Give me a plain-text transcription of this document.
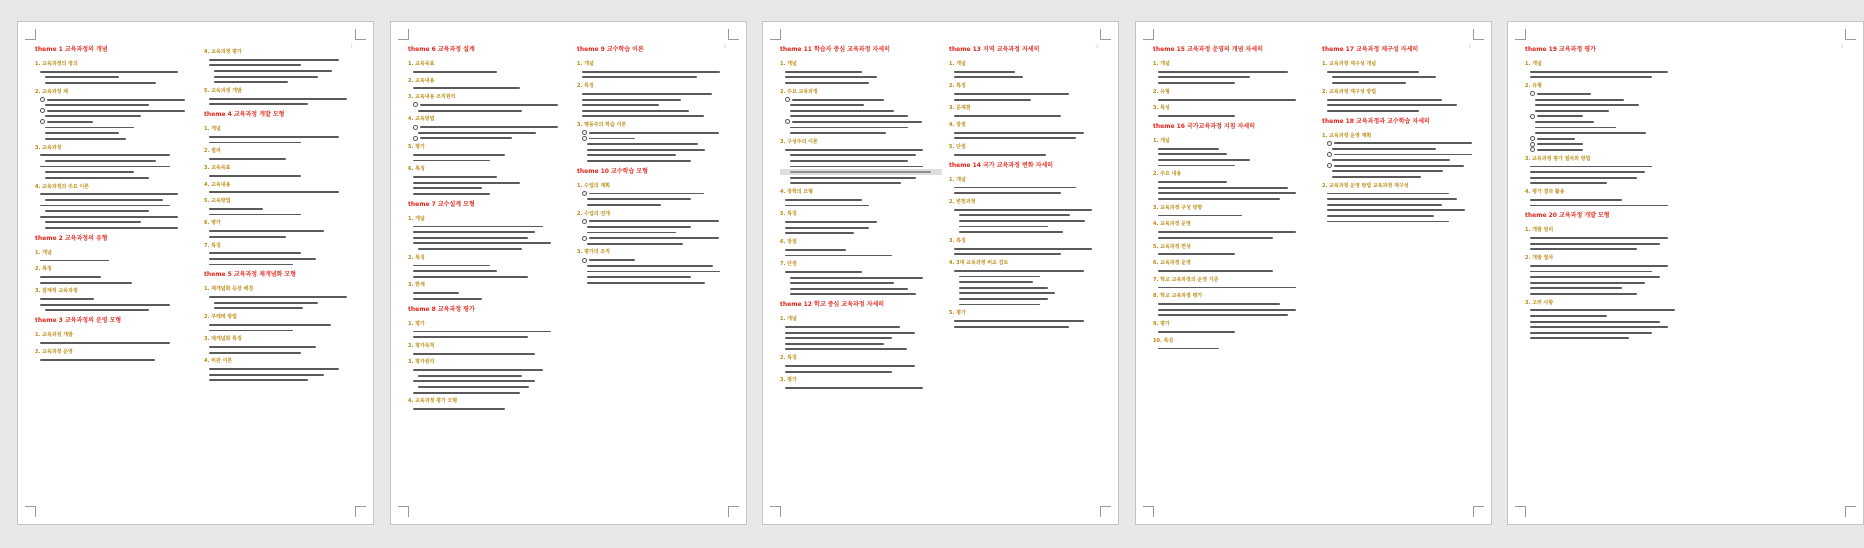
1
theme 1 교육과정의 개념
1. 교육과정의 정의
2. 교육과정 제
3. 교육과정
4. 교육과정의 주요 이론
theme 2 교육과정의 유형
1. 개념
2. 특징
3. 잠재적 교육과정
theme 3 교육과정의 운영 모형
1. 교육과정 개발
2. 교육과정 운영
4. 교육과정 평가
5. 교육과정 개발
theme 4 교육과정 개발 모형
1. 개념
2. 절차
3. 교육목표
4. 교육내용
5. 교육방법
6. 평가
7. 특징
theme 5 교육과정 재개념화 모형
1. 재개념화 등장 배경
2. 쿠레레 방법
3. 재개념화 특징
4. 비판 이론
2
theme 6 교육과정 설계
1. 교육목표
2. 교육내용
3. 교육내용 조직원리
4. 교육방법
5. 평가
6. 특징
theme 7 교수설계 모형
1. 개념
2. 특징
3. 한계
theme 8 교육과정 평가
1. 평가
2. 평가목적
3. 평가원리
4. 교육과정 평가 모형
theme 9 교수학습 이론
1. 개념
2. 특징
3. 행동주의 학습 이론
theme 10 교수학습 모형
1. 수업의 계획
2. 수업의 전개
3. 평가의 조직
3
theme 11 학습자 중심 교육과정 자세히
1. 개념
2. 주요 교육과정
3. 구성주의 이론
4. 장학의 모형
5. 특징
6. 장점
7. 단점
theme 12 학교 중심 교육과정 자세히
1. 개념
2. 특징
3. 평가
theme 13 지역 교육과정 자세히
1. 개념
2. 특징
3. 문제점
4. 장점
5. 단점
theme 14 국가 교육과정 변화 자세히
1. 개념
2. 변천과정
3. 특징
4. 3대 교육과정 비교 검토
5. 평가
4
theme 15 교육과정 운영의 개념 자세히
1. 개념
2. 유형
3. 특성
theme 16 국가교육과정 지침 자세히
1. 개념
2. 주요 내용
3. 교육과정 구성 방향
4. 교육과정 운영
5. 교육과정 편성
6. 교육과정 운영
7. 학교 교육과정의 운영 기준
8. 학교 교육과정 평가
9. 평가
10. 특징
theme 17 교육과정 재구성 자세히
1. 교육과정 재구성 개념
2. 교육과정 재구성 방법
theme 18 교육과정과 교수학습 자세히
1. 교육과정 운영 계획
2. 교육과정 운영 방법 교육과정 재구성
5
theme 19 교육과정 평가
1. 개념
2. 유형
3. 교육과정 평가 절차와 방법
4. 평가 결과 활용
theme 20 교육과정 개발 모형
1. 개발 원리
2. 개발 절차
3. 고려 사항
